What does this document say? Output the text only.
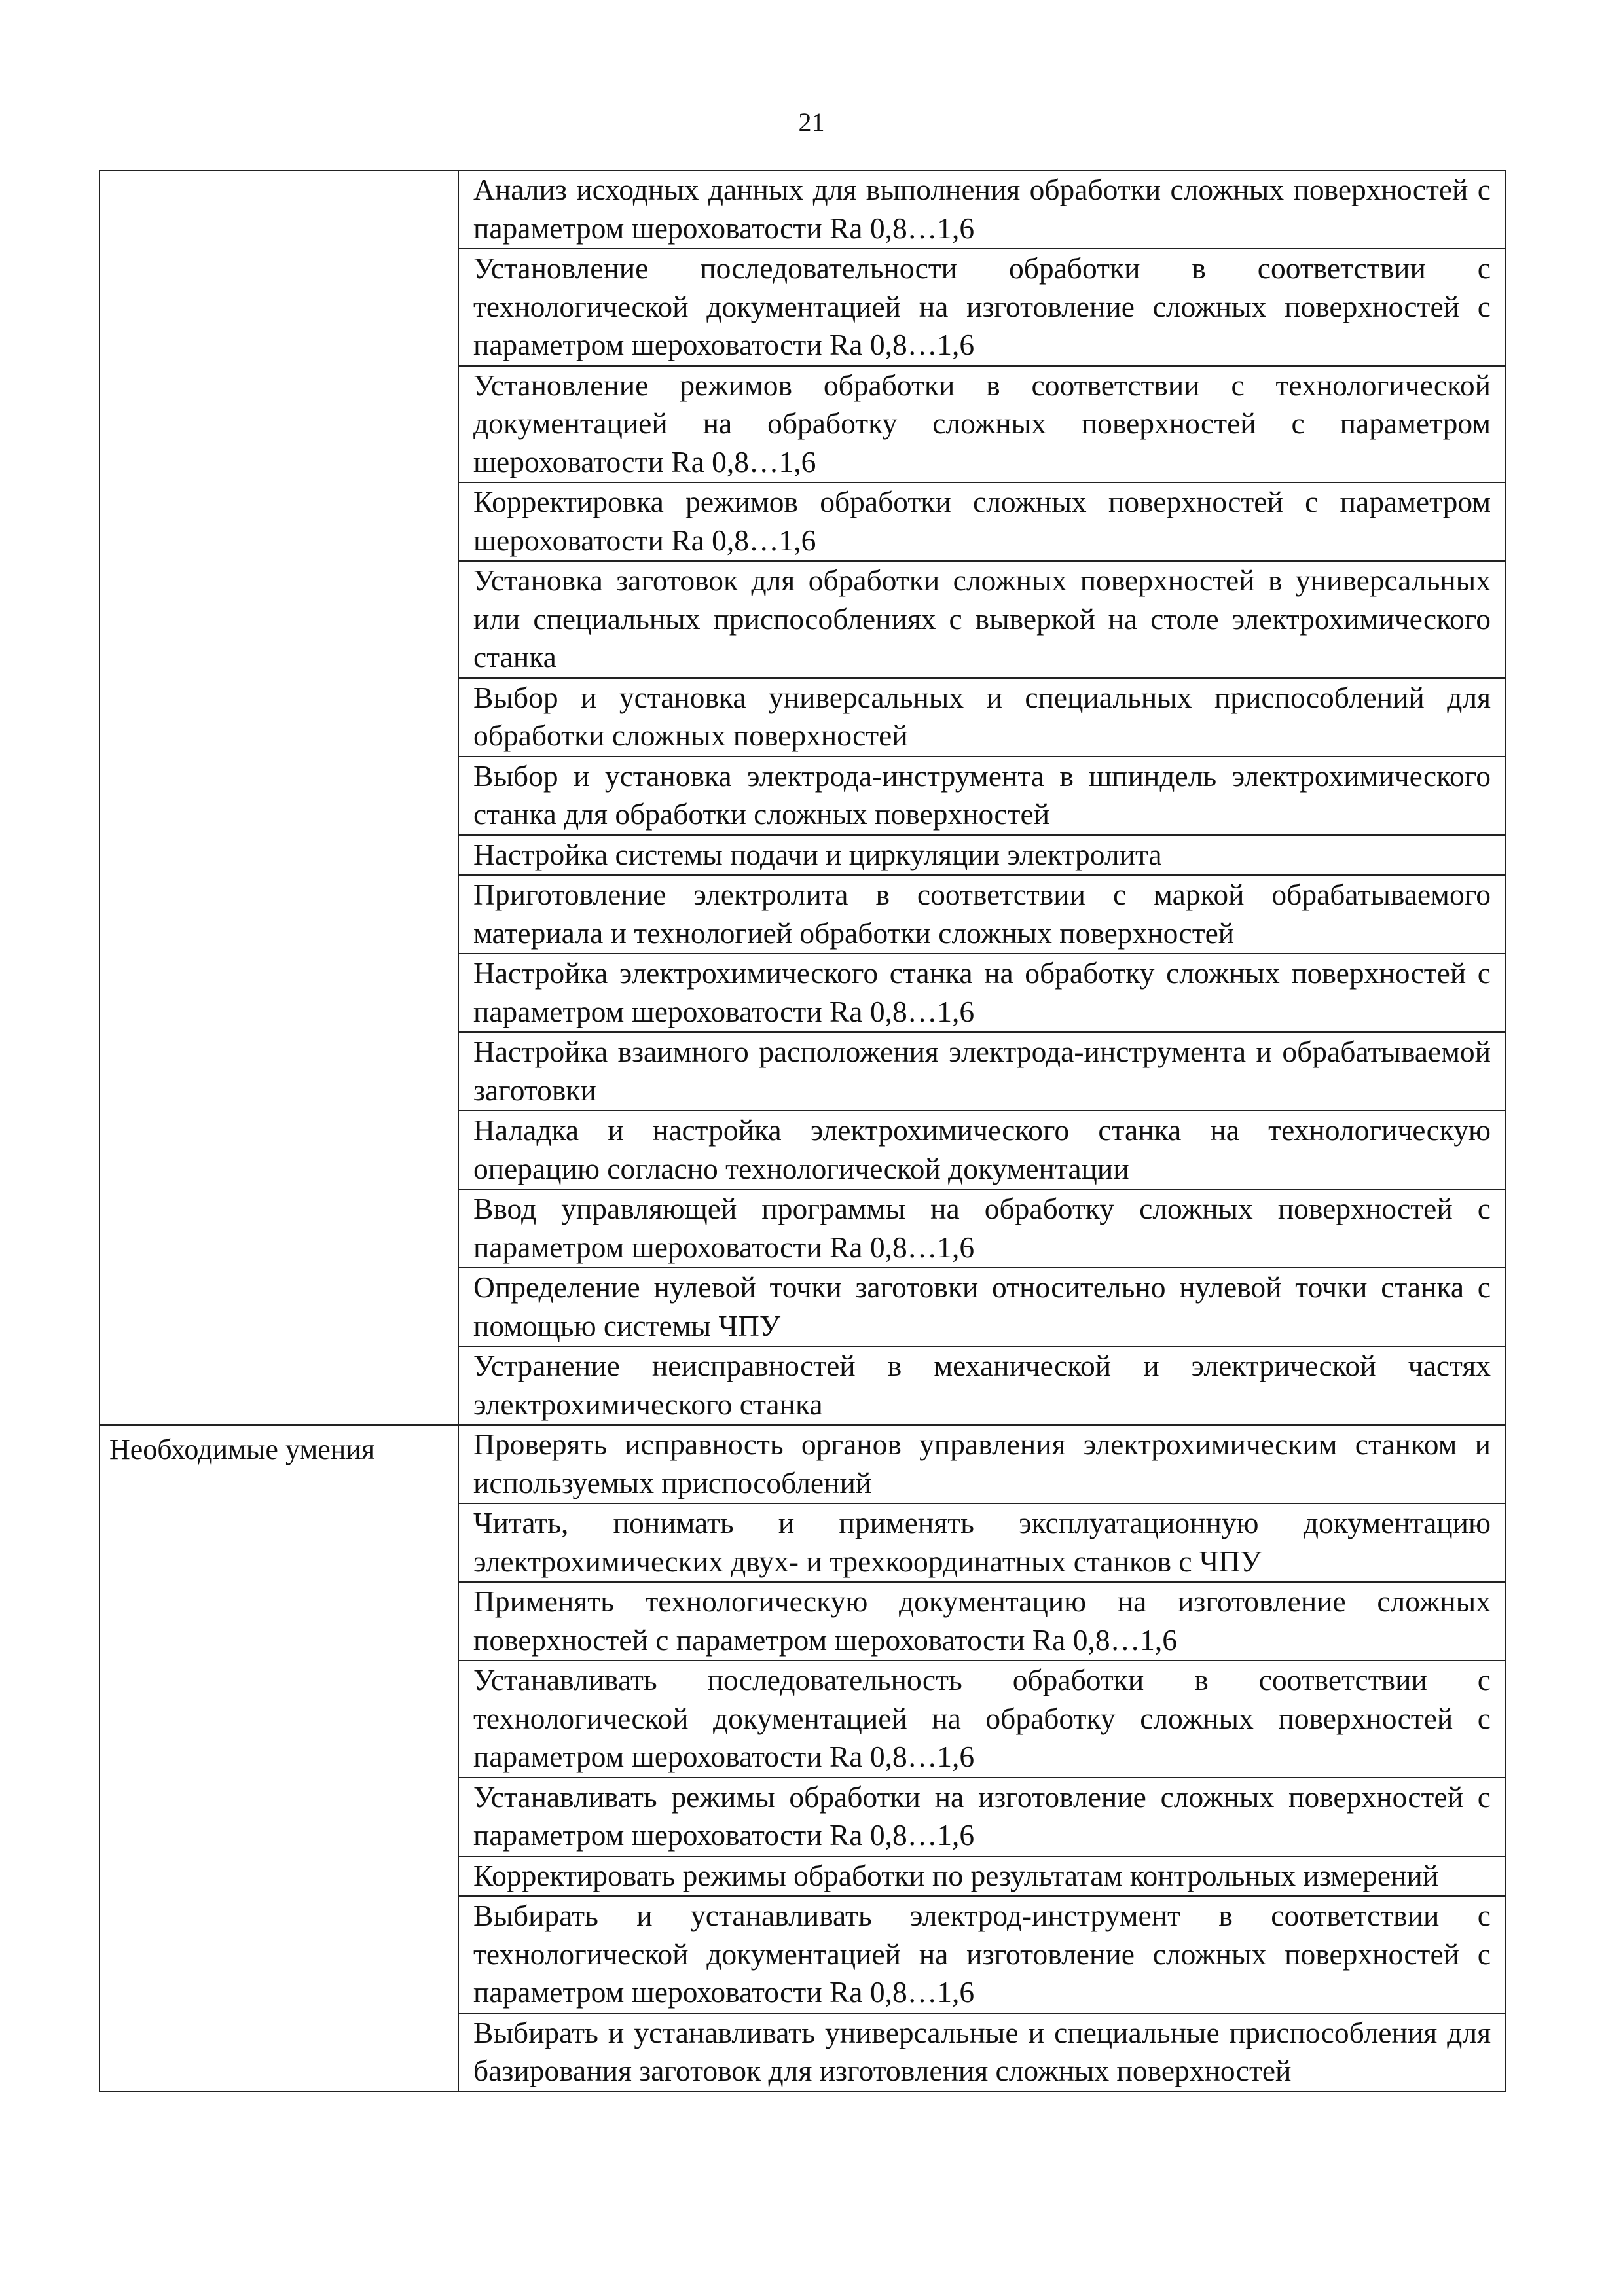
21
	Анализ исходных данных для выполнения обработки сложных поверхностей с параметром шероховатости Ra 0,8…1,6
	Установление последовательности обработки в соответствии с технологической документацией на изготовление сложных поверхностей с параметром шероховатости Ra 0,8…1,6
	Установление режимов обработки в соответствии с технологической документацией на обработку сложных поверхностей с параметром шероховатости Ra 0,8…1,6
	Корректировка режимов обработки сложных поверхностей с параметром шероховатости Ra 0,8…1,6
	Установка заготовок для обработки сложных поверхностей в универсальных или специальных приспособлениях с выверкой на столе электрохимического станка
	Выбор и установка универсальных и специальных приспособлений для обработки сложных поверхностей
	Выбор и установка электрода-инструмента в шпиндель электрохимического станка для обработки сложных поверхностей
	Настройка системы подачи и циркуляции электролита
	Приготовление электролита в соответствии с маркой обрабатываемого материала и технологией обработки сложных поверхностей
	Настройка электрохимического станка на обработку сложных поверхностей с параметром шероховатости Ra 0,8…1,6
	Настройка взаимного расположения электрода-инструмента и обрабатываемой заготовки
	Наладка и настройка электрохимического станка на технологическую операцию согласно технологической документации
	Ввод управляющей программы на обработку сложных поверхностей с параметром шероховатости Ra 0,8…1,6
	Определение нулевой точки заготовки относительно нулевой точки станка с помощью системы ЧПУ
	Устранение неисправностей в механической и электрической частях электрохимического станка
Необходимые умения	Проверять исправность органов управления электрохимическим станком и используемых приспособлений
	Читать, понимать и применять эксплуатационную документацию электрохимических двух- и трехкоординатных станков с ЧПУ
	Применять технологическую документацию на изготовление сложных поверхностей с параметром шероховатости Ra 0,8…1,6
	Устанавливать последовательность обработки в соответствии с технологической документацией на обработку сложных поверхностей с параметром шероховатости Ra 0,8…1,6
	Устанавливать режимы обработки на изготовление сложных поверхностей с параметром шероховатости Ra 0,8…1,6
	Корректировать режимы обработки по результатам контрольных измерений
	Выбирать и устанавливать электрод-инструмент в соответствии с технологической документацией на изготовление сложных поверхностей с параметром шероховатости Ra 0,8…1,6
	Выбирать и устанавливать универсальные и специальные приспособления для базирования заготовок для изготовления сложных поверхностей
